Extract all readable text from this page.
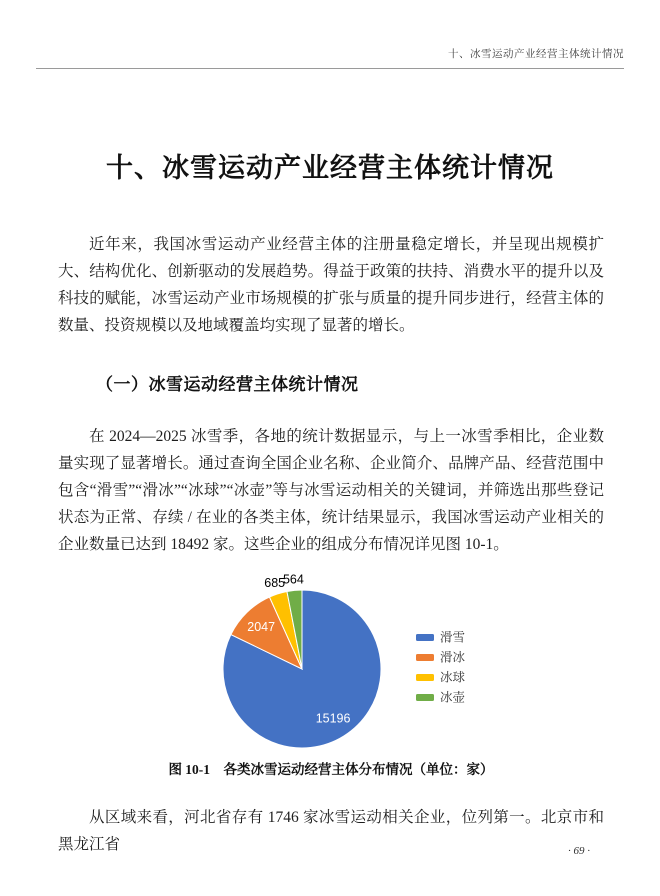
十、冰雪运动产业经营主体统计情况
十、冰雪运动产业经营主体统计情况

近年来，我国冰雪运动产业经营主体的注册量稳定增长，并呈现出规模扩大、结构优化、创新驱动的发展趋势。得益于政策的扶持、消费水平的提升以及科技的赋能，冰雪运动产业市场规模的扩张与质量的提升同步进行，经营主体的数量、投资规模以及地域覆盖均实现了显著的增长。

（一）冰雪运动经营主体统计情况

在 2024—2025 冰雪季，各地的统计数据显示，与上一冰雪季相比，企业数量实现了显著增长。通过查询全国企业名称、企业简介、品牌产品、经营范围中包含“滑雪”“滑冰”“冰球”“冰壶”等与冰雪运动相关的关键词，并筛选出那些登记状态为正常、存续 / 在业的各类主体，统计结果显示，我国冰雪运动产业相关的企业数量已达到 18492 家。这些企业的组成分布情况详见图 10-1。

15196
2047
685
564
滑雪
滑冰
冰球
冰壶
图 10-1　各类冰雪运动经营主体分布情况（单位：家）

从区域来看，河北省存有 1746 家冰雪运动相关企业，位列第一。北京市和黑龙江省	· 69 ·
